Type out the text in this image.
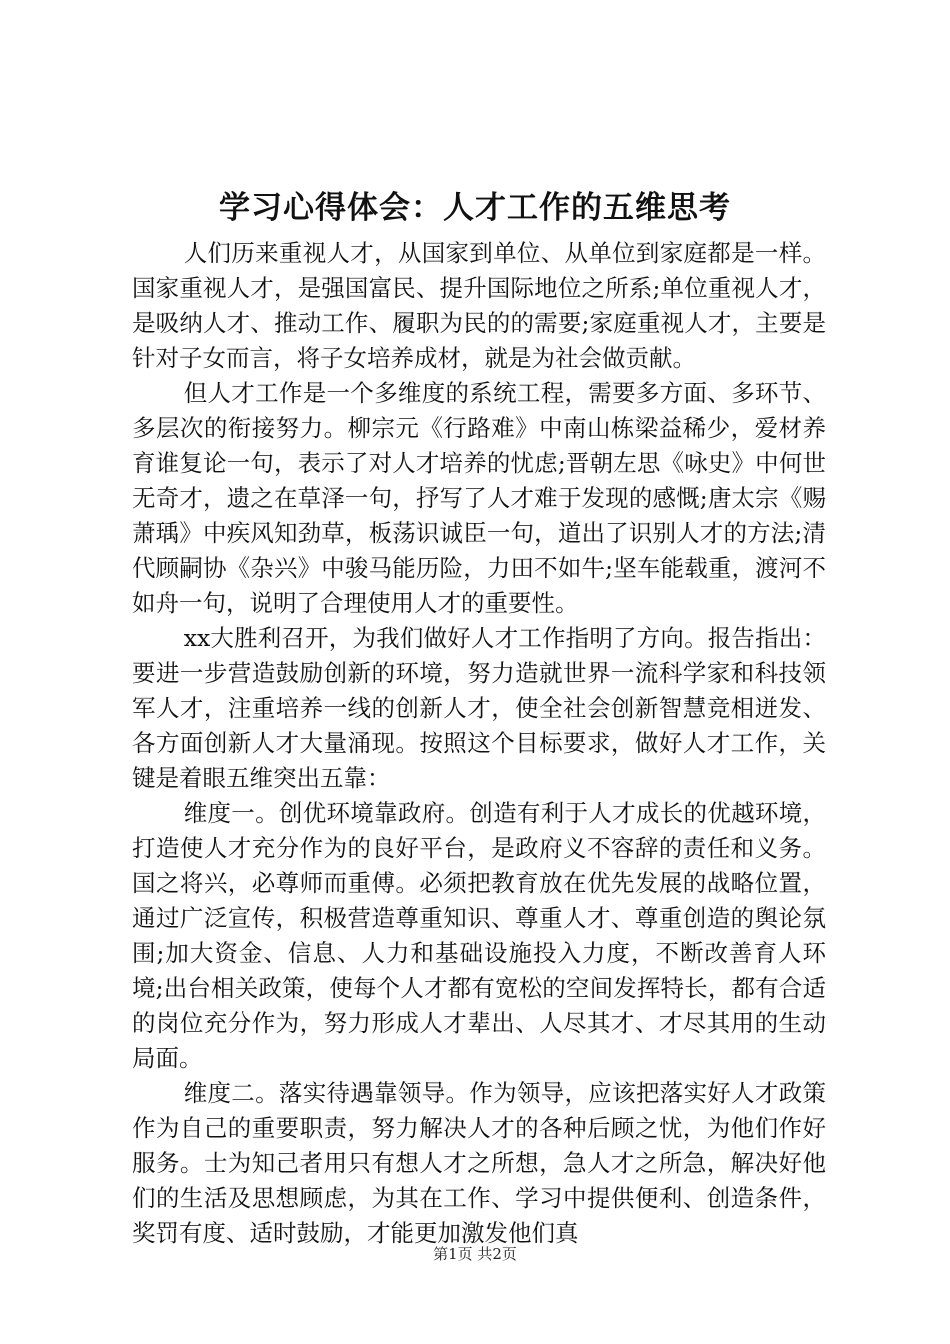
学习心得体会：人才工作的五维思考

人们历来重视人才，从国家到单位、从单位到家庭都是一样。国家重视人才，是强国富民、提升国际地位之所系;单位重视人才，是吸纳人才、推动工作、履职为民的的需要;家庭重视人才，主要是针对子女而言，将子女培养成材，就是为社会做贡献。

但人才工作是一个多维度的系统工程，需要多方面、多环节、多层次的衔接努力。柳宗元《行路难》中南山栋梁益稀少，爱材养育谁复论一句，表示了对人才培养的忧虑;晋朝左思《咏史》中何世无奇才，遗之在草泽一句，抒写了人才难于发现的感慨;唐太宗《赐萧瑀》中疾风知劲草，板荡识诚臣一句，道出了识别人才的方法;清代顾嗣协《杂兴》中骏马能历险，力田不如牛;坚车能载重，渡河不如舟一句，说明了合理使用人才的重要性。

xx大胜利召开，为我们做好人才工作指明了方向。报告指出：要进一步营造鼓励创新的环境，努力造就世界一流科学家和科技领军人才，注重培养一线的创新人才，使全社会创新智慧竞相迸发、各方面创新人才大量涌现。按照这个目标要求，做好人才工作，关键是着眼五维突出五靠：

维度一。创优环境靠政府。创造有利于人才成长的优越环境，打造使人才充分作为的良好平台，是政府义不容辞的责任和义务。国之将兴，必尊师而重傅。必须把教育放在优先发展的战略位置，通过广泛宣传，积极营造尊重知识、尊重人才、尊重创造的舆论氛围;加大资金、信息、人力和基础设施投入力度，不断改善育人环境;出台相关政策，使每个人才都有宽松的空间发挥特长，都有合适的岗位充分作为，努力形成人才辈出、人尽其才、才尽其用的生动局面。

维度二。落实待遇靠领导。作为领导，应该把落实好人才政策作为自己的重要职责，努力解决人才的各种后顾之忧，为他们作好服务。士为知己者用只有想人才之所想，急人才之所急，解决好他们的生活及思想顾虑，为其在工作、学习中提供便利、创造条件，奖罚有度、适时鼓励，才能更加激发他们真

第1页 共2页
